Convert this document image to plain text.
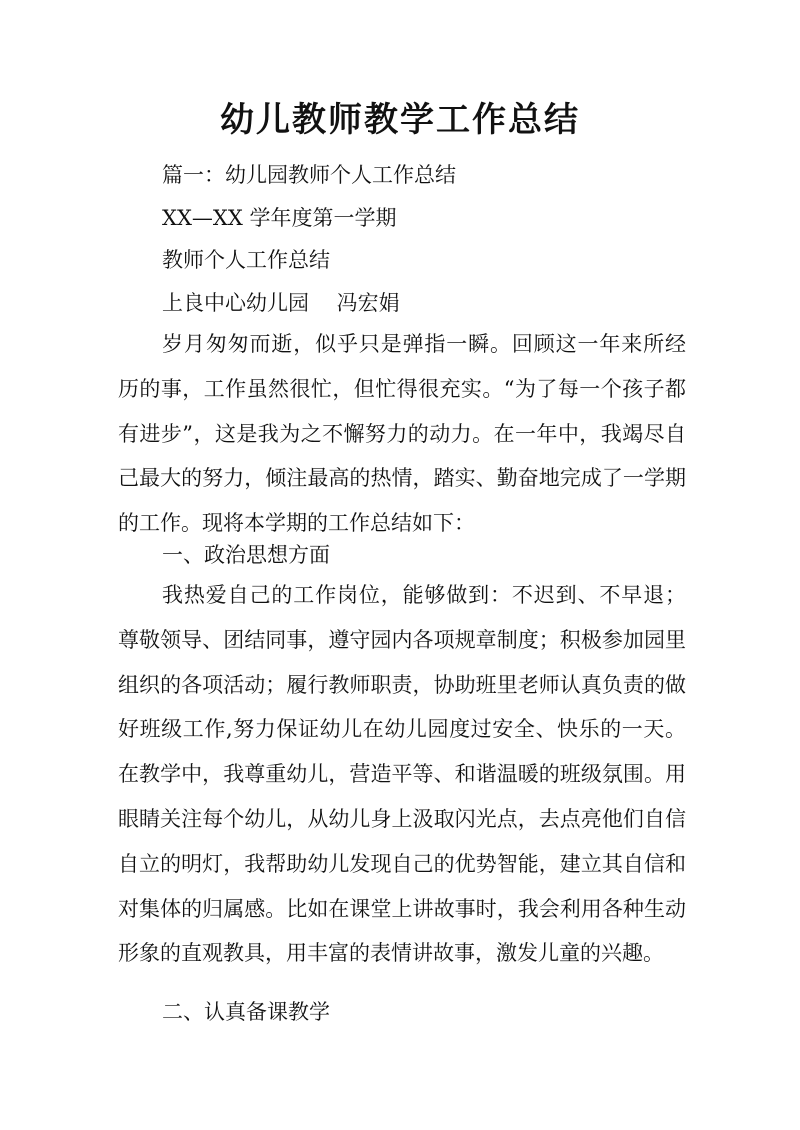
幼儿教师教学工作总结
篇一：幼儿园教师个人工作总结
XX—XX 学年度第一学期
教师个人工作总结
上良中心幼儿园　 冯宏娟

岁月匆匆而逝，似乎只是弹指一瞬。回顾这一年来所经历的事，工作虽然很忙，但忙得很充实。“为了每一个孩子都有进步”，这是我为之不懈努力的动力。在一年中，我竭尽自己最大的努力，倾注最高的热情，踏实、勤奋地完成了一学期的工作。现将本学期的工作总结如下：

一、政治思想方面

我热爱自己的工作岗位，能够做到：不迟到、不早退；尊敬领导、团结同事，遵守园内各项规章制度；积极参加园里组织的各项活动；履行教师职责，协助班里老师认真负责的做好班级工作,努力保证幼儿在幼儿园度过安全、快乐的一天。在教学中，我尊重幼儿，营造平等、和谐温暖的班级氛围。用眼睛关注每个幼儿，从幼儿身上汲取闪光点，去点亮他们自信自立的明灯，我帮助幼儿发现自己的优势智能，建立其自信和对集体的归属感。比如在课堂上讲故事时，我会利用各种生动形象的直观教具，用丰富的表情讲故事，激发儿童的兴趣。

二、认真备课教学
